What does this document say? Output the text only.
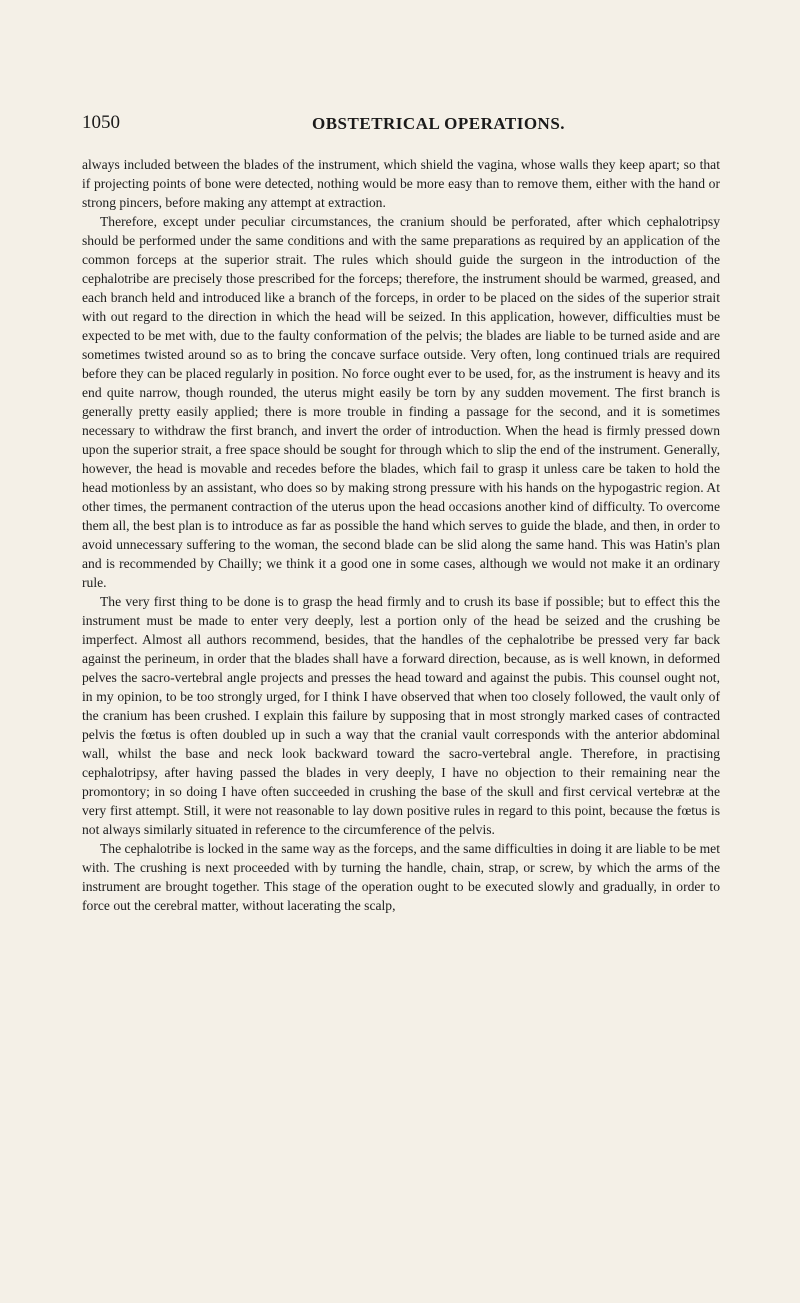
1050	OBSTETRICAL OPERATIONS.

always included between the blades of the instrument, which shield the vagina, whose walls they keep apart; so that if projecting points of bone were detected, nothing would be more easy than to remove them, either with the hand or strong pincers, before making any attempt at extraction.

Therefore, except under peculiar circumstances, the cranium should be perforated, after which cephalotripsy should be performed under the same conditions and with the same preparations as required by an application of the common forceps at the superior strait. The rules which should guide the surgeon in the introduction of the cephalotribe are precisely those prescribed for the forceps; therefore, the instrument should be warmed, greased, and each branch held and introduced like a branch of the forceps, in order to be placed on the sides of the superior strait with out regard to the direction in which the head will be seized. In this application, however, difficulties must be expected to be met with, due to the faulty conformation of the pelvis; the blades are liable to be turned aside and are sometimes twisted around so as to bring the concave surface outside. Very often, long continued trials are required before they can be placed regularly in position. No force ought ever to be used, for, as the instrument is heavy and its end quite narrow, though rounded, the uterus might easily be torn by any sudden movement. The first branch is generally pretty easily applied; there is more trouble in finding a passage for the second, and it is sometimes necessary to withdraw the first branch, and invert the order of introduction. When the head is firmly pressed down upon the superior strait, a free space should be sought for through which to slip the end of the instrument. Generally, however, the head is movable and recedes before the blades, which fail to grasp it unless care be taken to hold the head motionless by an assistant, who does so by making strong pressure with his hands on the hypogastric region. At other times, the permanent contraction of the uterus upon the head occasions another kind of difficulty. To overcome them all, the best plan is to introduce as far as possible the hand which serves to guide the blade, and then, in order to avoid unnecessary suffering to the woman, the second blade can be slid along the same hand. This was Hatin's plan and is recommended by Chailly; we think it a good one in some cases, although we would not make it an ordinary rule.

The very first thing to be done is to grasp the head firmly and to crush its base if possible; but to effect this the instrument must be made to enter very deeply, lest a portion only of the head be seized and the crushing be imperfect. Almost all authors recommend, besides, that the handles of the cephalotribe be pressed very far back against the perineum, in order that the blades shall have a forward direction, because, as is well known, in deformed pelves the sacro-vertebral angle projects and presses the head toward and against the pubis. This counsel ought not, in my opinion, to be too strongly urged, for I think I have observed that when too closely followed, the vault only of the cranium has been crushed. I explain this failure by supposing that in most strongly marked cases of contracted pelvis the fœtus is often doubled up in such a way that the cranial vault corresponds with the anterior abdominal wall, whilst the base and neck look backward toward the sacro-vertebral angle. Therefore, in practising cephalotripsy, after having passed the blades in very deeply, I have no objection to their remaining near the promontory; in so doing I have often succeeded in crushing the base of the skull and first cervical vertebræ at the very first attempt. Still, it were not reasonable to lay down positive rules in regard to this point, because the fœtus is not always similarly situated in reference to the circumference of the pelvis.

The cephalotribe is locked in the same way as the forceps, and the same difficulties in doing it are liable to be met with. The crushing is next proceeded with by turning the handle, chain, strap, or screw, by which the arms of the instrument are brought together. This stage of the operation ought to be executed slowly and gradually, in order to force out the cerebral matter, without lacerating the scalp,
